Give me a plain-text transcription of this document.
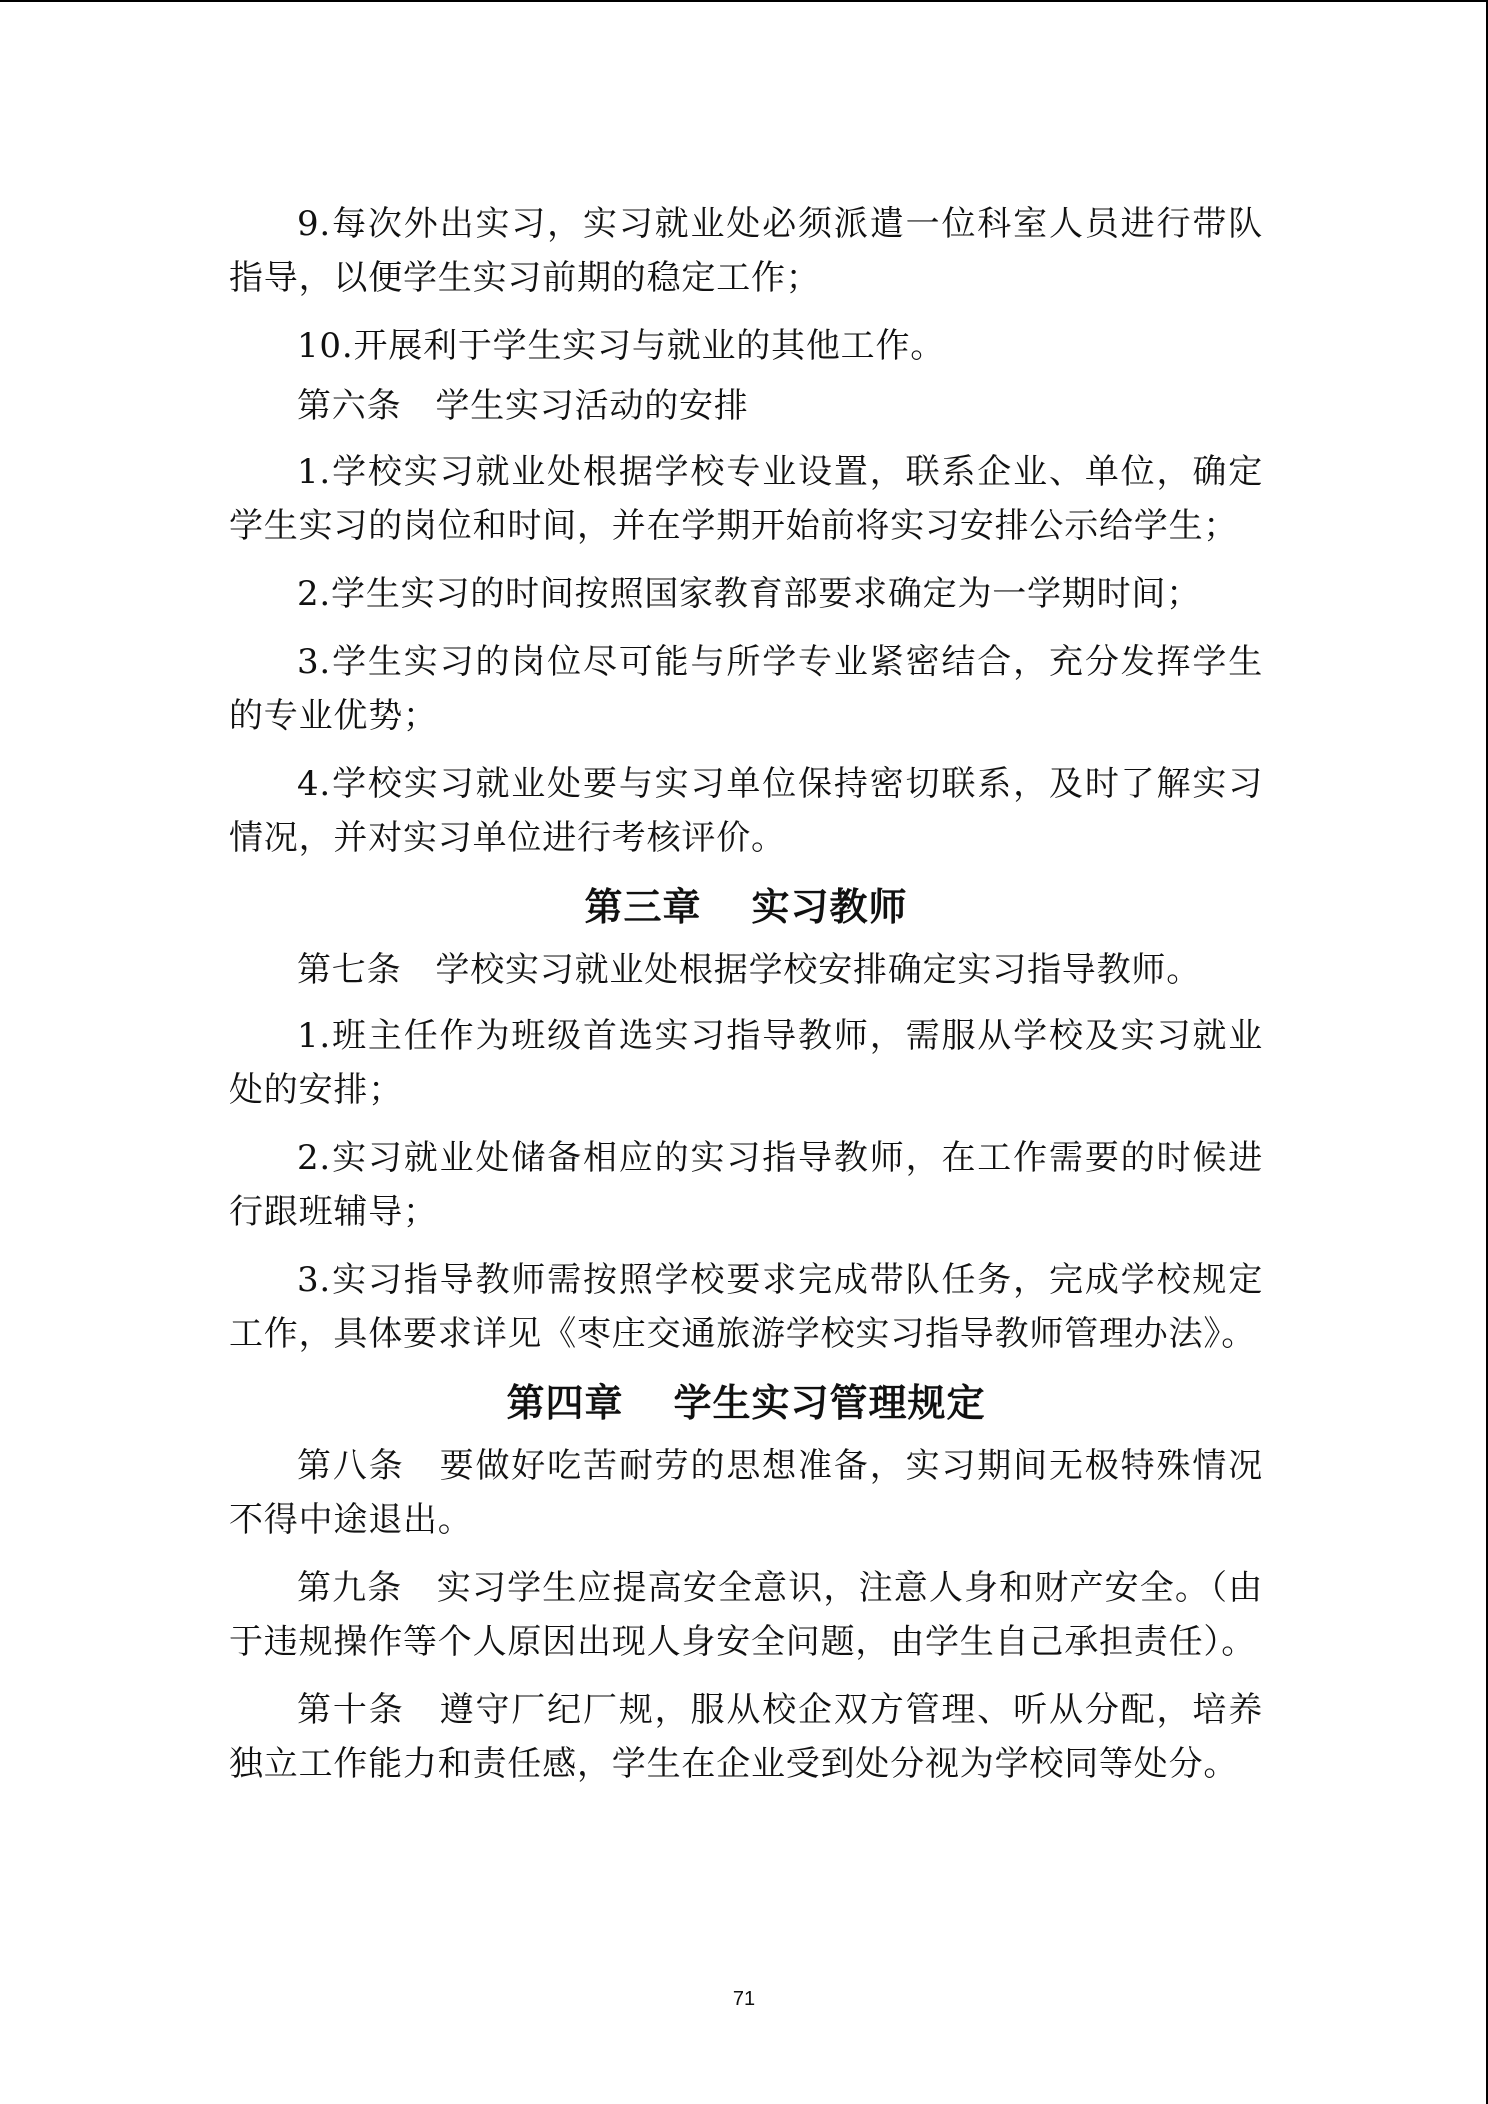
9.每次外出实习，实习就业处必须派遣一位科室人员进行带队指导，以便学生实习前期的稳定工作；

10.开展利于学生实习与就业的其他工作。

第六条 学生实习活动的安排

1.学校实习就业处根据学校专业设置，联系企业、单位，确定学生实习的岗位和时间，并在学期开始前将实习安排公示给学生；

2.学生实习的时间按照国家教育部要求确定为一学期时间；

3.学生实习的岗位尽可能与所学专业紧密结合，充分发挥学生的专业优势；

4.学校实习就业处要与实习单位保持密切联系，及时了解实习情况，并对实习单位进行考核评价。

第三章 实习教师

第七条 学校实习就业处根据学校安排确定实习指导教师。

1.班主任作为班级首选实习指导教师，需服从学校及实习就业处的安排；

2.实习就业处储备相应的实习指导教师，在工作需要的时候进行跟班辅导；

3.实习指导教师需按照学校要求完成带队任务，完成学校规定工作，具体要求详见《枣庄交通旅游学校实习指导教师管理办法》。

第四章 学生实习管理规定

第八条 要做好吃苦耐劳的思想准备，实习期间无极特殊情况不得中途退出。

第九条 实习学生应提高安全意识，注意人身和财产安全。（由于违规操作等个人原因出现人身安全问题，由学生自己承担责任）。

第十条 遵守厂纪厂规，服从校企双方管理、听从分配，培养独立工作能力和责任感，学生在企业受到处分视为学校同等处分。

71
